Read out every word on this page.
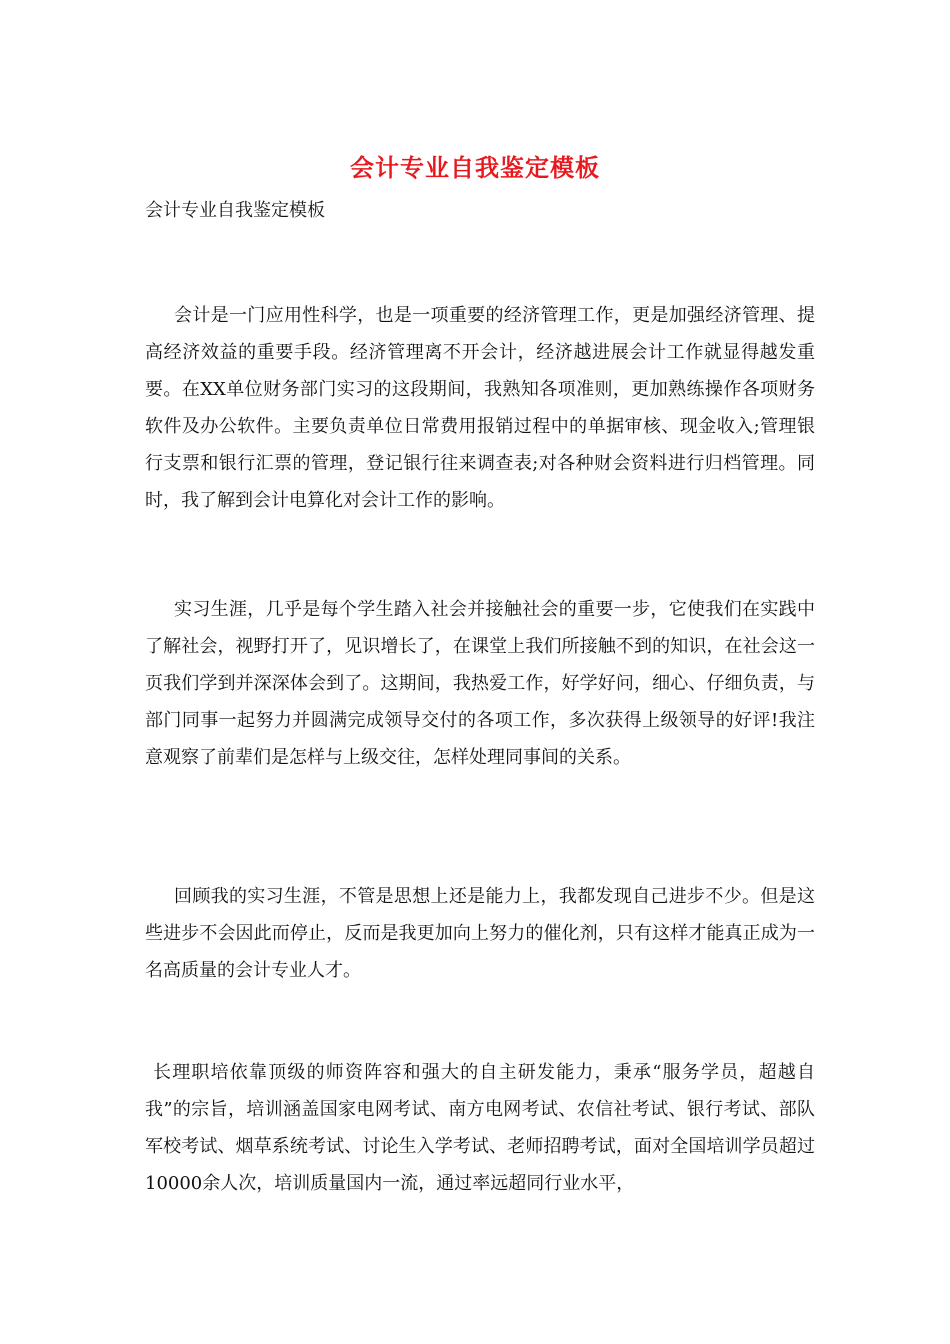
会计专业自我鉴定模板
会计专业自我鉴定模板
会计是一门应用性科学，也是一项重要的经济管理工作，更是加强经济管理、提高经济效益的重要手段。经济管理离不开会计，经济越进展会计工作就显得越发重要。在XX单位财务部门实习的这段期间，我熟知各项准则，更加熟练操作各项财务软件及办公软件。主要负责单位日常费用报销过程中的单据审核、现金收入;管理银行支票和银行汇票的管理，登记银行往来调查表;对各种财会资料进行归档管理。同时，我了解到会计电算化对会计工作的影响。
实习生涯，几乎是每个学生踏入社会并接触社会的重要一步，它使我们在实践中了解社会，视野打开了，见识增长了，在课堂上我们所接触不到的知识，在社会这一页我们学到并深深体会到了。这期间，我热爱工作，好学好问，细心、仔细负责，与部门同事一起努力并圆满完成领导交付的各项工作，多次获得上级领导的好评!我注意观察了前辈们是怎样与上级交往，怎样处理同事间的关系。
回顾我的实习生涯，不管是思想上还是能力上，我都发现自己进步不少。但是这些进步不会因此而停止，反而是我更加向上努力的催化剂，只有这样才能真正成为一名高质量的会计专业人才。
长理职培依靠顶级的师资阵容和强大的自主研发能力，秉承“服务学员，超越自我”的宗旨，培训涵盖国家电网考试、南方电网考试、农信社考试、银行考试、部队军校考试、烟草系统考试、讨论生入学考试、老师招聘考试，面对全国培训学员超过10000余人次，培训质量国内一流，通过率远超同行业水平，
